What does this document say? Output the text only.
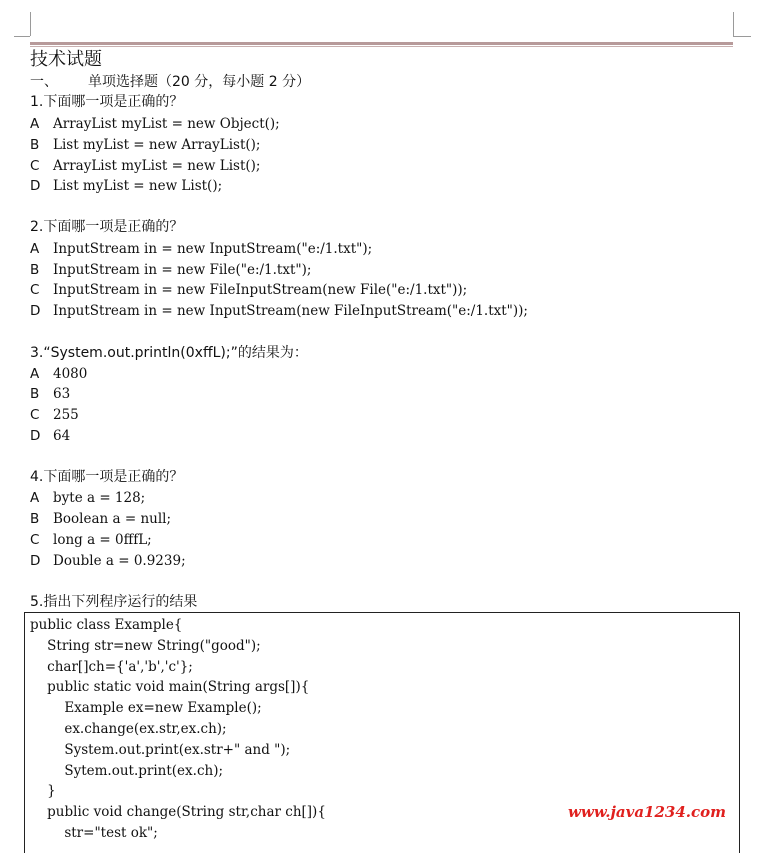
技术试题
一、 单项选择题（20 分，每小题 2 分）
1.下面哪一项是正确的？
A ArrayList myList = new Object();
B List myList = new ArrayList();
C ArrayList myList = new List();
D List myList = new List();
2.下面哪一项是正确的？
A InputStream in = new InputStream("e:/1.txt");
B InputStream in = new File("e:/1.txt");
C InputStream in = new FileInputStream(new File("e:/1.txt"));
D InputStream in = new InputStream(new FileInputStream("e:/1.txt"));
3.“System.out.println(0xffL);”的结果为：
A 4080
B 63
C 255
D 64
4.下面哪一项是正确的？
A byte a = 128;
B Boolean a = null;
C long a = 0fffL;
D Double a = 0.9239;
5.指出下列程序运行的结果
public class Example{
String str=new String("good");
char[]ch={'a','b','c'};
public static void main(String args[]){
Example ex=new Example();
ex.change(ex.str,ex.ch);
System.out.print(ex.str+" and ");
Sytem.out.print(ex.ch);
}
public void change(String str,char ch[]){
str="test ok";
www.java1234.com
